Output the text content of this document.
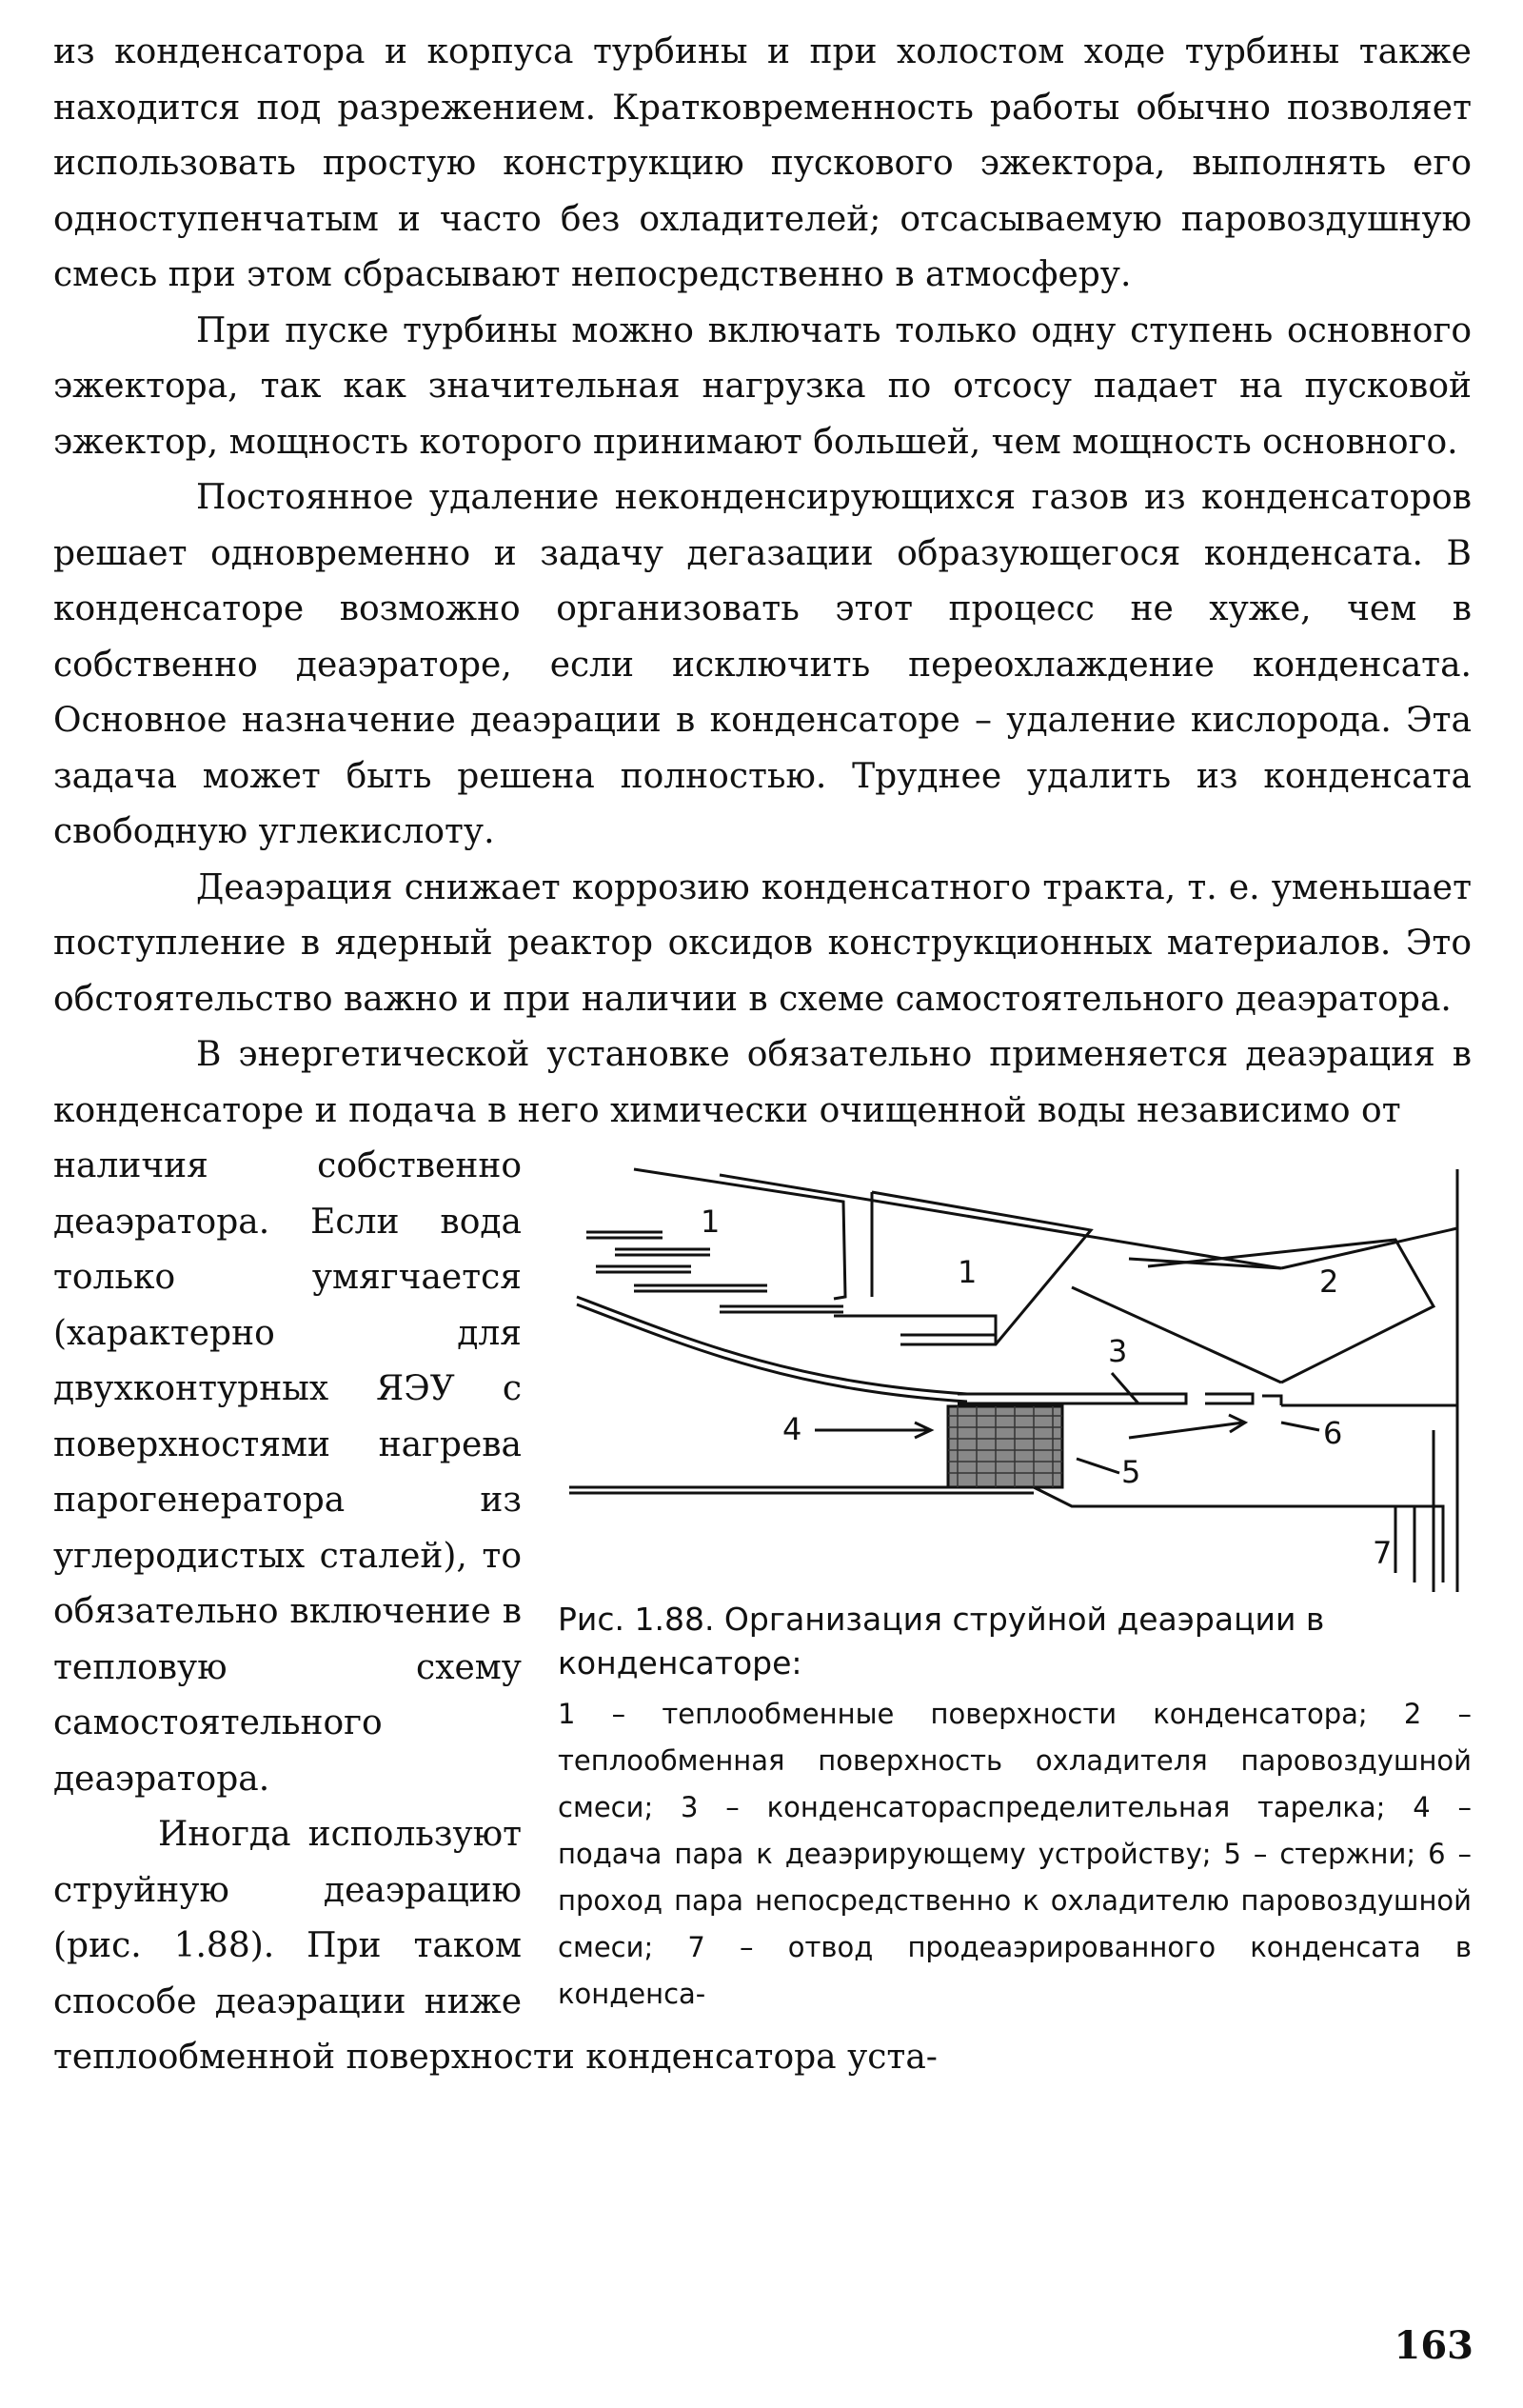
из конденсатора и корпуса турбины и при холостом ходе турбины также находится под разрежением. Кратковременность работы обычно позволяет использовать простую конструкцию пускового эжектора, выполнять его одноступенчатым и часто без охладителей; отсасываемую паровоздушную смесь при этом сбрасывают непосредственно в атмосферу.

При пуске турбины можно включать только одну ступень основного эжектора, так как значительная нагрузка по отсосу падает на пусковой эжектор, мощность которого принимают большей, чем мощность основного.

Постоянное удаление неконденсирующихся газов из конденсаторов решает одновременно и задачу дегазации образующегося конденсата. В конденсаторе возможно организовать этот процесс не хуже, чем в собственно деаэраторе, если исключить переохлаждение конденсата. Основное назначение деаэрации в конденсаторе – удаление кислорода. Эта задача может быть решена полностью. Труднее удалить из конденсата свободную углекислоту.

Деаэрация снижает коррозию конденсатного тракта, т. е. уменьшает поступление в ядерный реактор оксидов конструкционных материалов. Это обстоятельство важно и при наличии в схеме самостоятельного деаэратора.

В энергетической установке обязательно применяется деаэрация в конденсаторе и подача в него химически очищенной воды независимо от

1
1	2
3
4
5
6
7

Рис. 1.88. Организация струйной деаэрации в конденсаторе:

1 – теплообменные поверхности конденсатора; 2 – теплообменная поверхность охладителя паровоздушной смеси; 3 – конденсатораспределительная тарелка; 4 – подача пара к деаэрирующему устройству; 5 – стержни; 6 – проход пара непосредственно к охладителю паровоздушной смеси; 7 – отвод продеаэрированного конденсата в конденса-

наличия собственно деаэратора. Если вода только умягчается (характерно для двухконтурных ЯЭУ с поверхностями нагрева парогенератора из углеродистых сталей), то обязательно включение в тепловую схему самостоятельного деаэратора.

Иногда используют струйную деаэрацию (рис. 1.88). При таком способе деаэрации ниже теплообменной поверхности конденсатора уста-

163
